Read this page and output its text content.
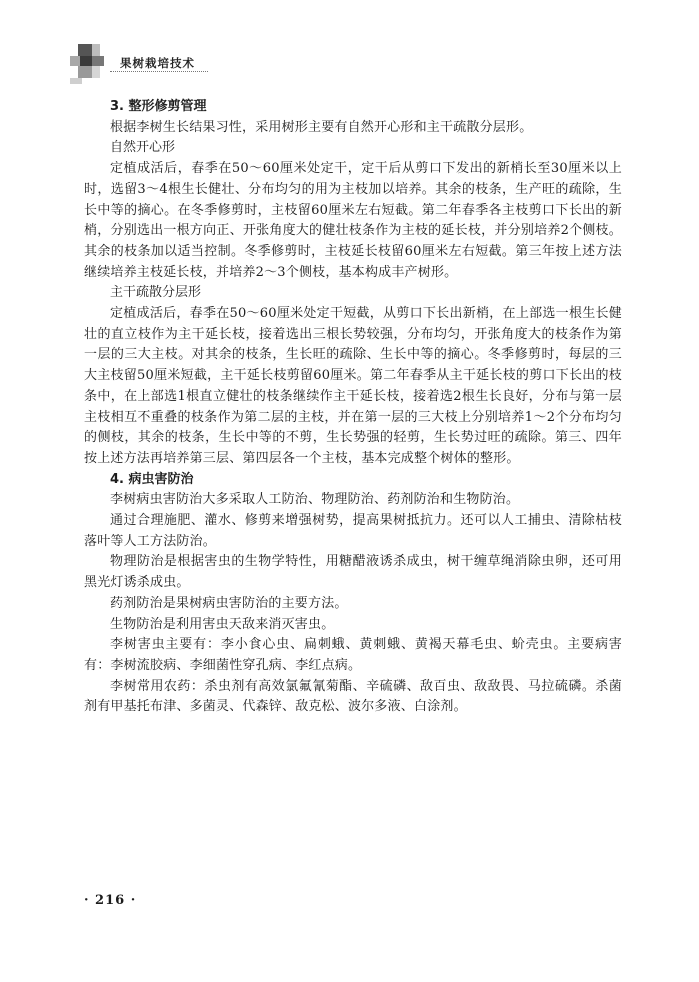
果树栽培技术

3. 整形修剪管理

根据李树生长结果习性，采用树形主要有自然开心形和主干疏散分层形。

自然开心形

定植成活后，春季在50～60厘米处定干，定干后从剪口下发出的新梢长至30厘米以上时，选留3～4根生长健壮、分布均匀的用为主枝加以培养。其余的枝条，生产旺的疏除，生长中等的摘心。在冬季修剪时，主枝留60厘米左右短截。第二年春季各主枝剪口下长出的新梢，分别选出一根方向正、开张角度大的健壮枝条作为主枝的延长枝，并分别培养2个侧枝。其余的枝条加以适当控制。冬季修剪时，主枝延长枝留60厘米左右短截。第三年按上述方法继续培养主枝延长枝，并培养2～3个侧枝，基本构成丰产树形。

主干疏散分层形

定植成活后，春季在50～60厘米处定干短截，从剪口下长出新梢，在上部选一根生长健壮的直立枝作为主干延长枝，接着选出三根长势较强，分布均匀，开张角度大的枝条作为第一层的三大主枝。对其余的枝条，生长旺的疏除、生长中等的摘心。冬季修剪时，每层的三大主枝留50厘米短截，主干延长枝剪留60厘米。第二年春季从主干延长枝的剪口下长出的枝条中，在上部选1根直立健壮的枝条继续作主干延长枝，接着选2根生长良好，分布与第一层主枝相互不重叠的枝条作为第二层的主枝，并在第一层的三大枝上分别培养1～2个分布均匀的侧枝，其余的枝条，生长中等的不剪，生长势强的轻剪，生长势过旺的疏除。第三、四年按上述方法再培养第三层、第四层各一个主枝，基本完成整个树体的整形。

4. 病虫害防治

李树病虫害防治大多采取人工防治、物理防治、药剂防治和生物防治。

通过合理施肥、灌水、修剪来增强树势，提高果树抵抗力。还可以人工捕虫、清除枯枝落叶等人工方法防治。

物理防治是根据害虫的生物学特性，用糖醋液诱杀成虫，树干缠草绳消除虫卵，还可用黑光灯诱杀成虫。

药剂防治是果树病虫害防治的主要方法。

生物防治是利用害虫天敌来消灭害虫。

李树害虫主要有：李小食心虫、扁刺蛾、黄刺蛾、黄褐天幕毛虫、蚧壳虫。主要病害有：李树流胶病、李细菌性穿孔病、李红点病。

李树常用农药：杀虫剂有高效氯氟氰菊酯、辛硫磷、敌百虫、敌敌畏、马拉硫磷。杀菌剂有甲基托布津、多菌灵、代森锌、敌克松、波尔多液、白涂剂。

· 216 ·
